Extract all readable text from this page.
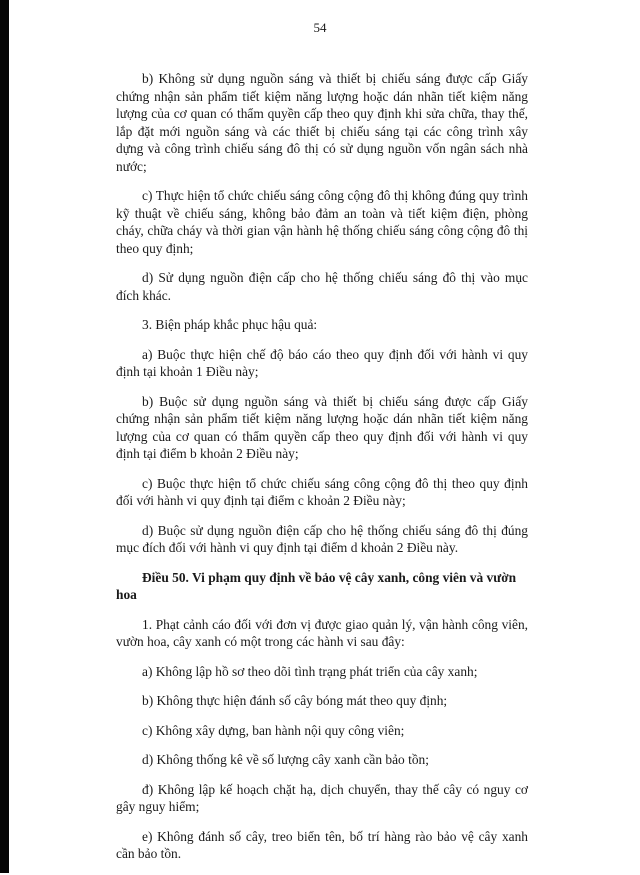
54

b) Không sử dụng nguồn sáng và thiết bị chiếu sáng được cấp Giấy chứng nhận sản phẩm tiết kiệm năng lượng hoặc dán nhãn tiết kiệm năng lượng của cơ quan có thẩm quyền cấp theo quy định khi sửa chữa, thay thế, lắp đặt mới nguồn sáng và các thiết bị chiếu sáng tại các công trình xây dựng và công trình chiếu sáng đô thị có sử dụng nguồn vốn ngân sách nhà nước;

c) Thực hiện tổ chức chiếu sáng công cộng đô thị không đúng quy trình kỹ thuật về chiếu sáng, không bảo đảm an toàn và tiết kiệm điện, phòng cháy, chữa cháy và thời gian vận hành hệ thống chiếu sáng công cộng đô thị theo quy định;

d) Sử dụng nguồn điện cấp cho hệ thống chiếu sáng đô thị vào mục đích khác.

3. Biện pháp khắc phục hậu quả:

a) Buộc thực hiện chế độ báo cáo theo quy định đối với hành vi quy định tại khoản 1 Điều này;

b) Buộc sử dụng nguồn sáng và thiết bị chiếu sáng được cấp Giấy chứng nhận sản phẩm tiết kiệm năng lượng hoặc dán nhãn tiết kiệm năng lượng của cơ quan có thẩm quyền cấp theo quy định đối với hành vi quy định tại điểm b khoản 2 Điều này;

c) Buộc thực hiện tổ chức chiếu sáng công cộng đô thị theo quy định đối với hành vi quy định tại điểm c khoản 2 Điều này;

d) Buộc sử dụng nguồn điện cấp cho hệ thống chiếu sáng đô thị đúng mục đích đối với hành vi quy định tại điểm d khoản 2 Điều này.

Điều 50. Vi phạm quy định về bảo vệ cây xanh, công viên và vườn hoa

1. Phạt cảnh cáo đối với đơn vị được giao quản lý, vận hành công viên, vườn hoa, cây xanh có một trong các hành vi sau đây:

a) Không lập hồ sơ theo dõi tình trạng phát triển của cây xanh;

b) Không thực hiện đánh số cây bóng mát theo quy định;

c) Không xây dựng, ban hành nội quy công viên;

d) Không thống kê về số lượng cây xanh cần bảo tồn;

đ) Không lập kế hoạch chặt hạ, dịch chuyển, thay thế cây có nguy cơ gây nguy hiểm;

e) Không đánh số cây, treo biển tên, bố trí hàng rào bảo vệ cây xanh cần bảo tồn.
